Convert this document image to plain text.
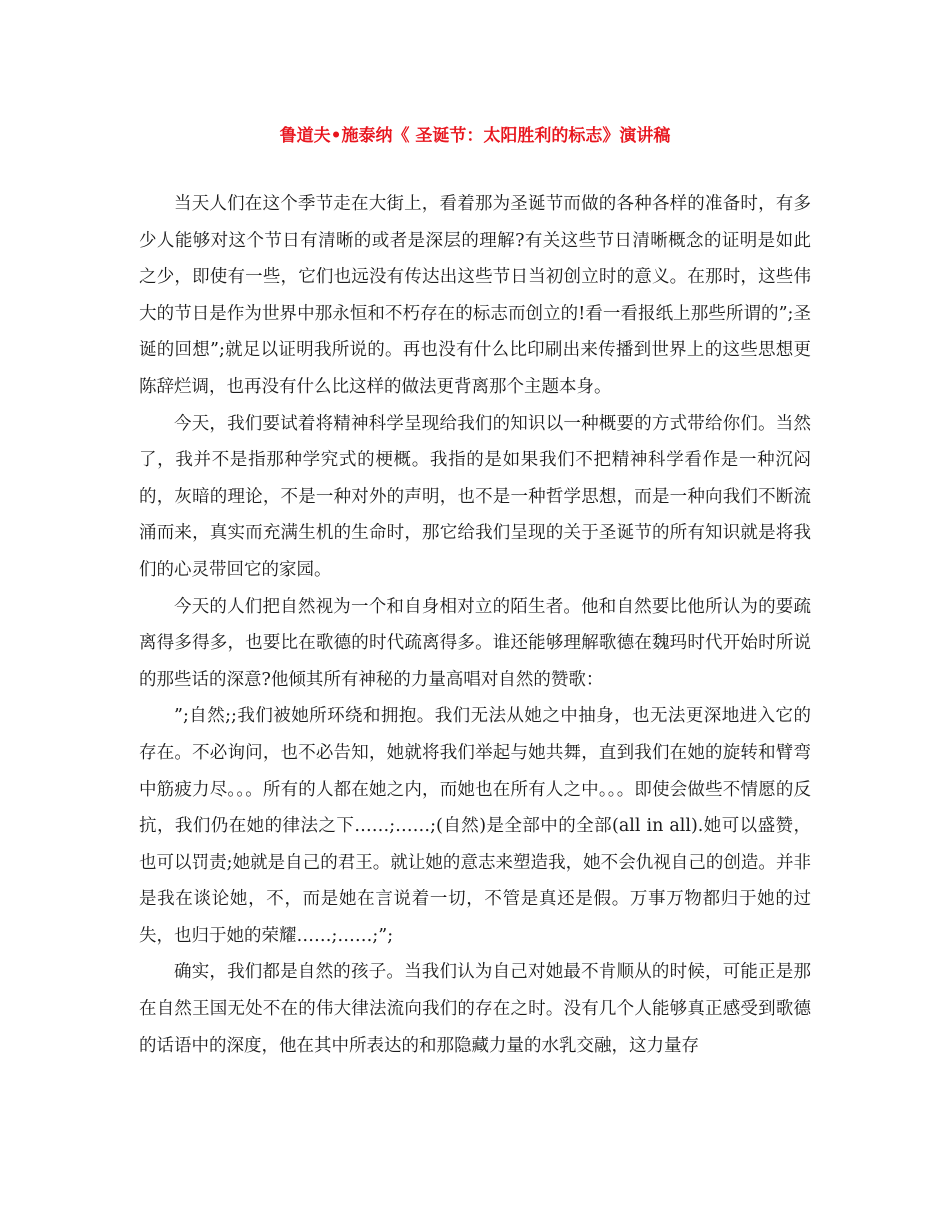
鲁道夫•施泰纳《 圣诞节：太阳胜利的标志》演讲稿

当天人们在这个季节走在大街上，看着那为圣诞节而做的各种各样的准备时，有多少人能够对这个节日有清晰的或者是深层的理解?有关这些节日清晰概念的证明是如此之少，即使有一些，它们也远没有传达出这些节日当初创立时的意义。在那时，这些伟大的节日是作为世界中那永恒和不朽存在的标志而创立的!看一看报纸上那些所谓的”;圣诞的回想”;就足以证明我所说的。再也没有什么比印刷出来传播到世界上的这些思想更陈辞烂调，也再没有什么比这样的做法更背离那个主题本身。

今天，我们要试着将精神科学呈现给我们的知识以一种概要的方式带给你们。当然了，我并不是指那种学究式的梗概。我指的是如果我们不把精神科学看作是一种沉闷的，灰暗的理论，不是一种对外的声明，也不是一种哲学思想，而是一种向我们不断流涌而来，真实而充满生机的生命时，那它给我们呈现的关于圣诞节的所有知识就是将我们的心灵带回它的家园。

今天的人们把自然视为一个和自身相对立的陌生者。他和自然要比他所认为的要疏离得多得多，也要比在歌德的时代疏离得多。谁还能够理解歌德在魏玛时代开始时所说的那些话的深意?他倾其所有神秘的力量高唱对自然的赞歌：

”;自然;;我们被她所环绕和拥抱。我们无法从她之中抽身，也无法更深地进入它的存在。不必询问，也不必告知，她就将我们举起与她共舞，直到我们在她的旋转和臂弯中筋疲力尽。。。所有的人都在她之内，而她也在所有人之中。。。即使会做些不情愿的反抗，我们仍在她的律法之下……;……;(自然)是全部中的全部(all in all).她可以盛赞，也可以罚责;她就是自己的君王。就让她的意志来塑造我，她不会仇视自己的创造。并非是我在谈论她，不，而是她在言说着一切，不管是真还是假。万事万物都归于她的过失，也归于她的荣耀……;……;”;

确实，我们都是自然的孩子。当我们认为自己对她最不肯顺从的时候，可能正是那在自然王国无处不在的伟大律法流向我们的存在之时。没有几个人能够真正感受到歌德的话语中的深度，他在其中所表达的和那隐藏力量的水乳交融，这力量存
